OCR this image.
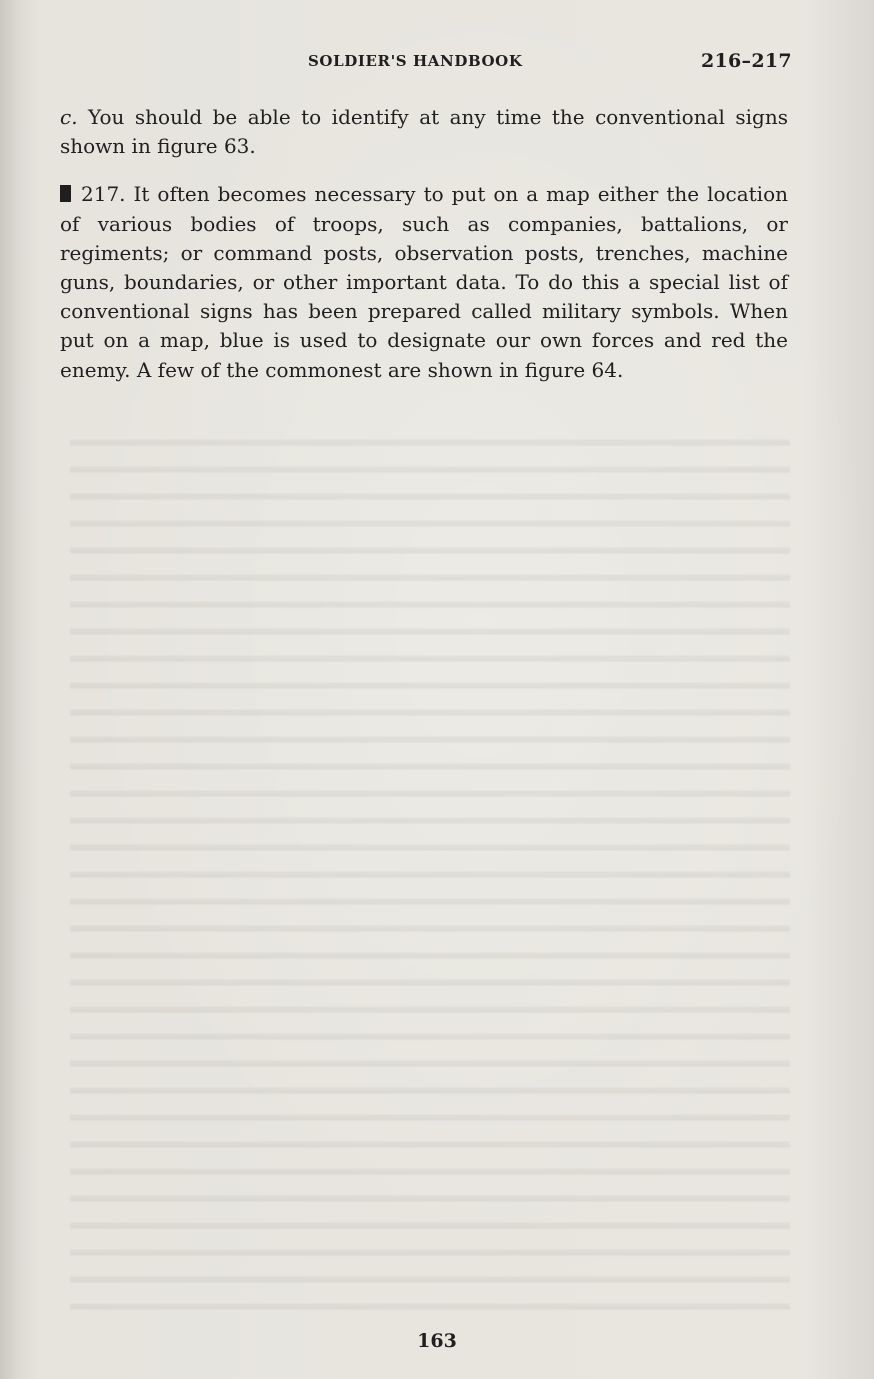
SOLDIER'S HANDBOOK	216–217

c. You should be able to identify at any time the conventional signs shown in figure 63.

217. It often becomes necessary to put on a map either the location of various bodies of troops, such as companies, battalions, or regiments; or command posts, observation posts, trenches, machine guns, boundaries, or other important data. To do this a special list of conventional signs has been prepared called military symbols. When put on a map, blue is used to designate our own forces and red the enemy. A few of the commonest are shown in figure 64.

163
